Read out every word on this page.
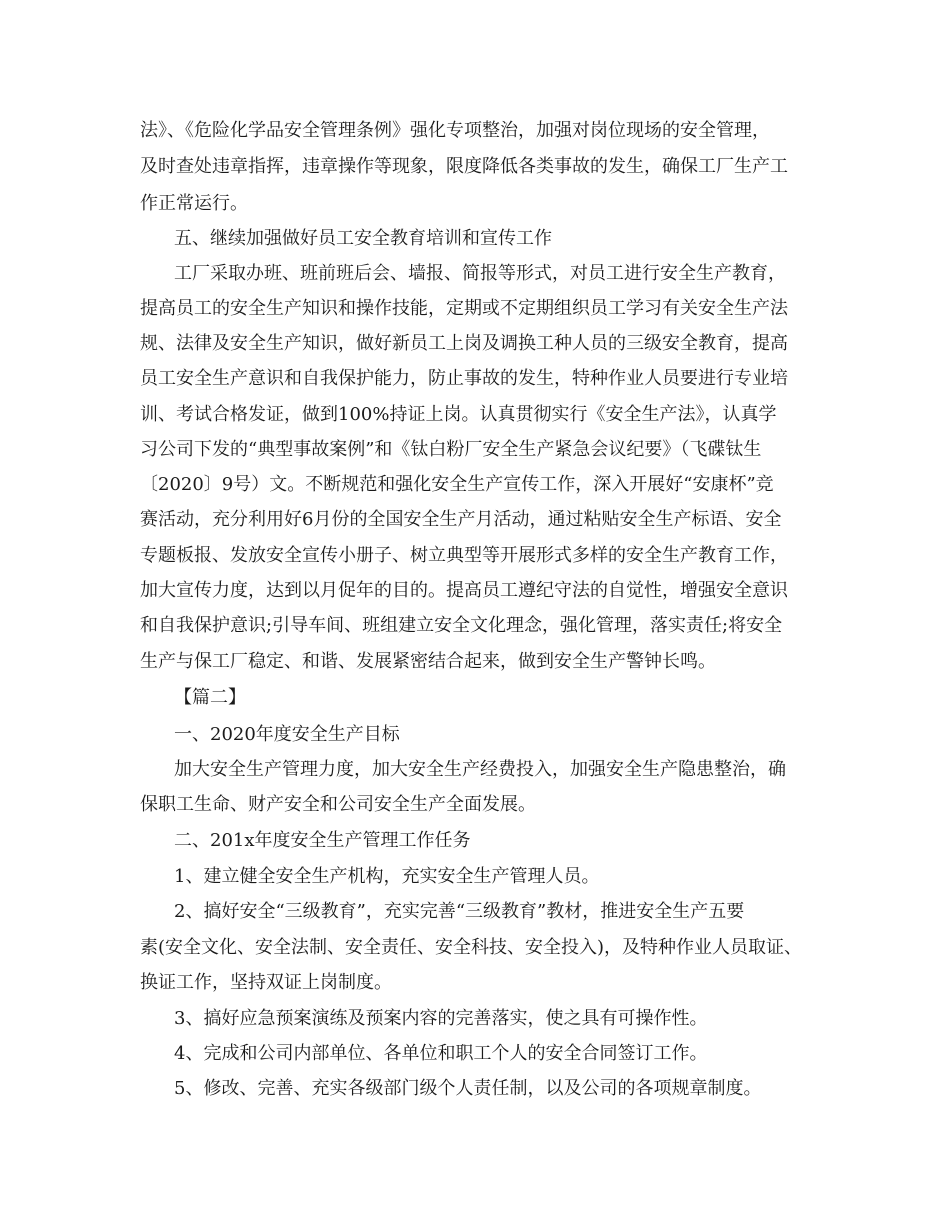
法》、《危险化学品安全管理条例》强化专项整治，加强对岗位现场的安全管理，
及时查处违章指挥，违章操作等现象，限度降低各类事故的发生，确保工厂生产工
作正常运行。
五、继续加强做好员工安全教育培训和宣传工作
工厂采取办班、班前班后会、墙报、简报等形式，对员工进行安全生产教育，
提高员工的安全生产知识和操作技能，定期或不定期组织员工学习有关安全生产法
规、法律及安全生产知识，做好新员工上岗及调换工种人员的三级安全教育，提高
员工安全生产意识和自我保护能力，防止事故的发生，特种作业人员要进行专业培
训、考试合格发证，做到100%持证上岗。认真贯彻实行《安全生产法》，认真学
习公司下发的“典型事故案例”和《钛白粉厂安全生产紧急会议纪要》（飞碟钛生
〔2020〕9号）文。不断规范和强化安全生产宣传工作，深入开展好“安康杯”竞
赛活动，充分利用好6月份的全国安全生产月活动，通过粘贴安全生产标语、安全
专题板报、发放安全宣传小册子、树立典型等开展形式多样的安全生产教育工作，
加大宣传力度，达到以月促年的目的。提高员工遵纪守法的自觉性，增强安全意识
和自我保护意识;引导车间、班组建立安全文化理念，强化管理，落实责任;将安全
生产与保工厂稳定、和谐、发展紧密结合起来，做到安全生产警钟长鸣。
【篇二】
一、2020年度安全生产目标
加大安全生产管理力度，加大安全生产经费投入，加强安全生产隐患整治，确
保职工生命、财产安全和公司安全生产全面发展。
二、201x年度安全生产管理工作任务
1、建立健全安全生产机构，充实安全生产管理人员。
2、搞好安全“三级教育”，充实完善“三级教育”教材，推进安全生产五要
素(安全文化、安全法制、安全责任、安全科技、安全投入)，及特种作业人员取证、
换证工作，坚持双证上岗制度。
3、搞好应急预案演练及预案内容的完善落实，使之具有可操作性。
4、完成和公司内部单位、各单位和职工个人的安全合同签订工作。
5、修改、完善、充实各级部门级个人责任制，以及公司的各项规章制度。
